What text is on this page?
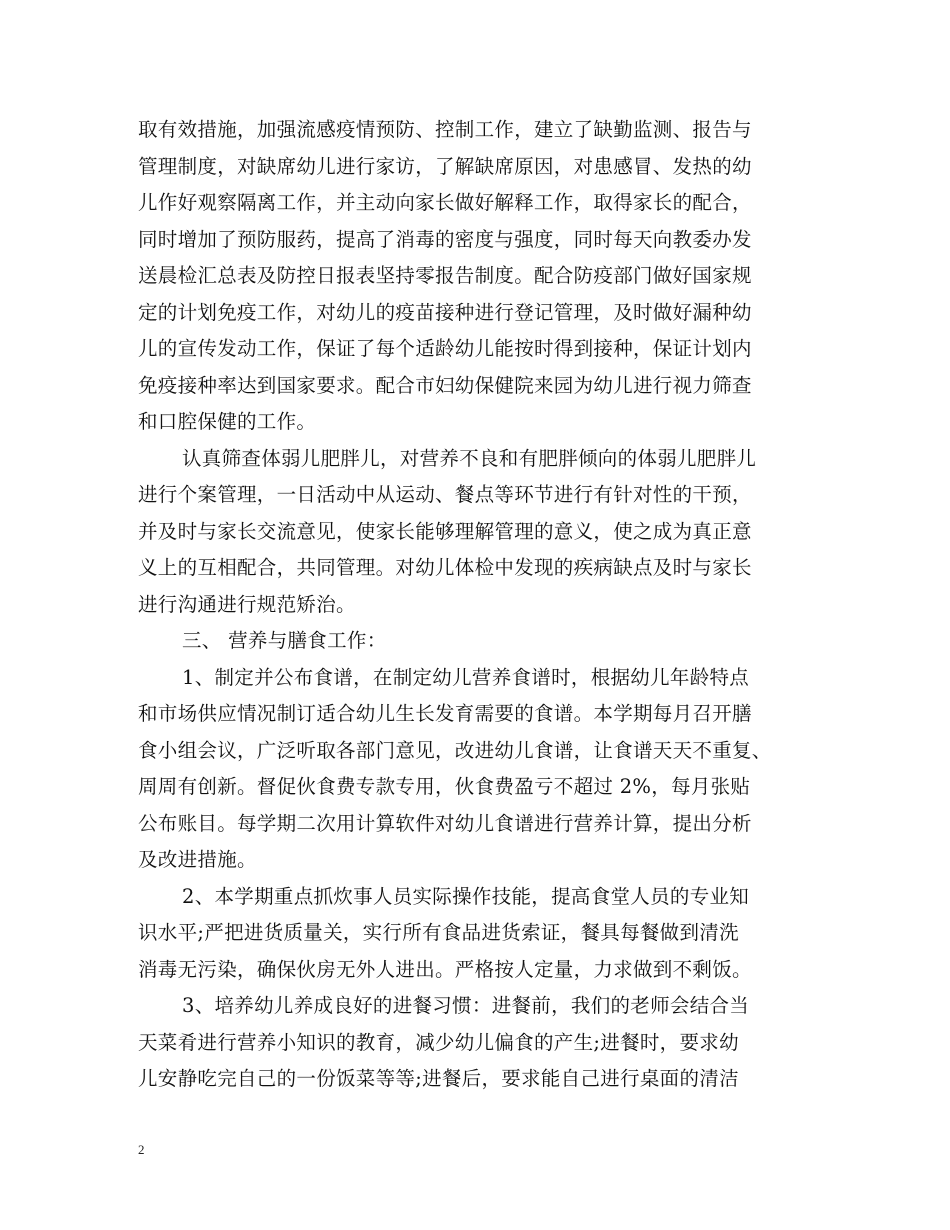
取有效措施，加强流感疫情预防、控制工作，建立了缺勤监测、报告与
管理制度，对缺席幼儿进行家访，了解缺席原因，对患感冒、发热的幼
儿作好观察隔离工作，并主动向家长做好解释工作，取得家长的配合，
同时增加了预防服药，提高了消毒的密度与强度，同时每天向教委办发
送晨检汇总表及防控日报表坚持零报告制度。配合防疫部门做好国家规
定的计划免疫工作，对幼儿的疫苗接种进行登记管理，及时做好漏种幼
儿的宣传发动工作，保证了每个适龄幼儿能按时得到接种，保证计划内
免疫接种率达到国家要求。配合市妇幼保健院来园为幼儿进行视力筛查
和口腔保健的工作。

认真筛查体弱儿肥胖儿，对营养不良和有肥胖倾向的体弱儿肥胖儿
进行个案管理，一日活动中从运动、餐点等环节进行有针对性的干预，
并及时与家长交流意见，使家长能够理解管理的意义，使之成为真正意
义上的互相配合，共同管理。对幼儿体检中发现的疾病缺点及时与家长
进行沟通进行规范矫治。

三、 营养与膳食工作：

1、制定并公布食谱，在制定幼儿营养食谱时，根据幼儿年龄特点
和市场供应情况制订适合幼儿生长发育需要的食谱。本学期每月召开膳
食小组会议，广泛听取各部门意见，改进幼儿食谱，让食谱天天不重复、
周周有创新。督促伙食费专款专用，伙食费盈亏不超过 2%，每月张贴
公布账目。每学期二次用计算软件对幼儿食谱进行营养计算，提出分析
及改进措施。

2、本学期重点抓炊事人员实际操作技能，提高食堂人员的专业知
识水平;严把进货质量关，实行所有食品进货索证，餐具每餐做到清洗
消毒无污染，确保伙房无外人进出。严格按人定量，力求做到不剩饭。

3、培养幼儿养成良好的进餐习惯：进餐前，我们的老师会结合当
天菜肴进行营养小知识的教育，减少幼儿偏食的产生;进餐时，要求幼
儿安静吃完自己的一份饭菜等等;进餐后，要求能自己进行桌面的清洁

2
